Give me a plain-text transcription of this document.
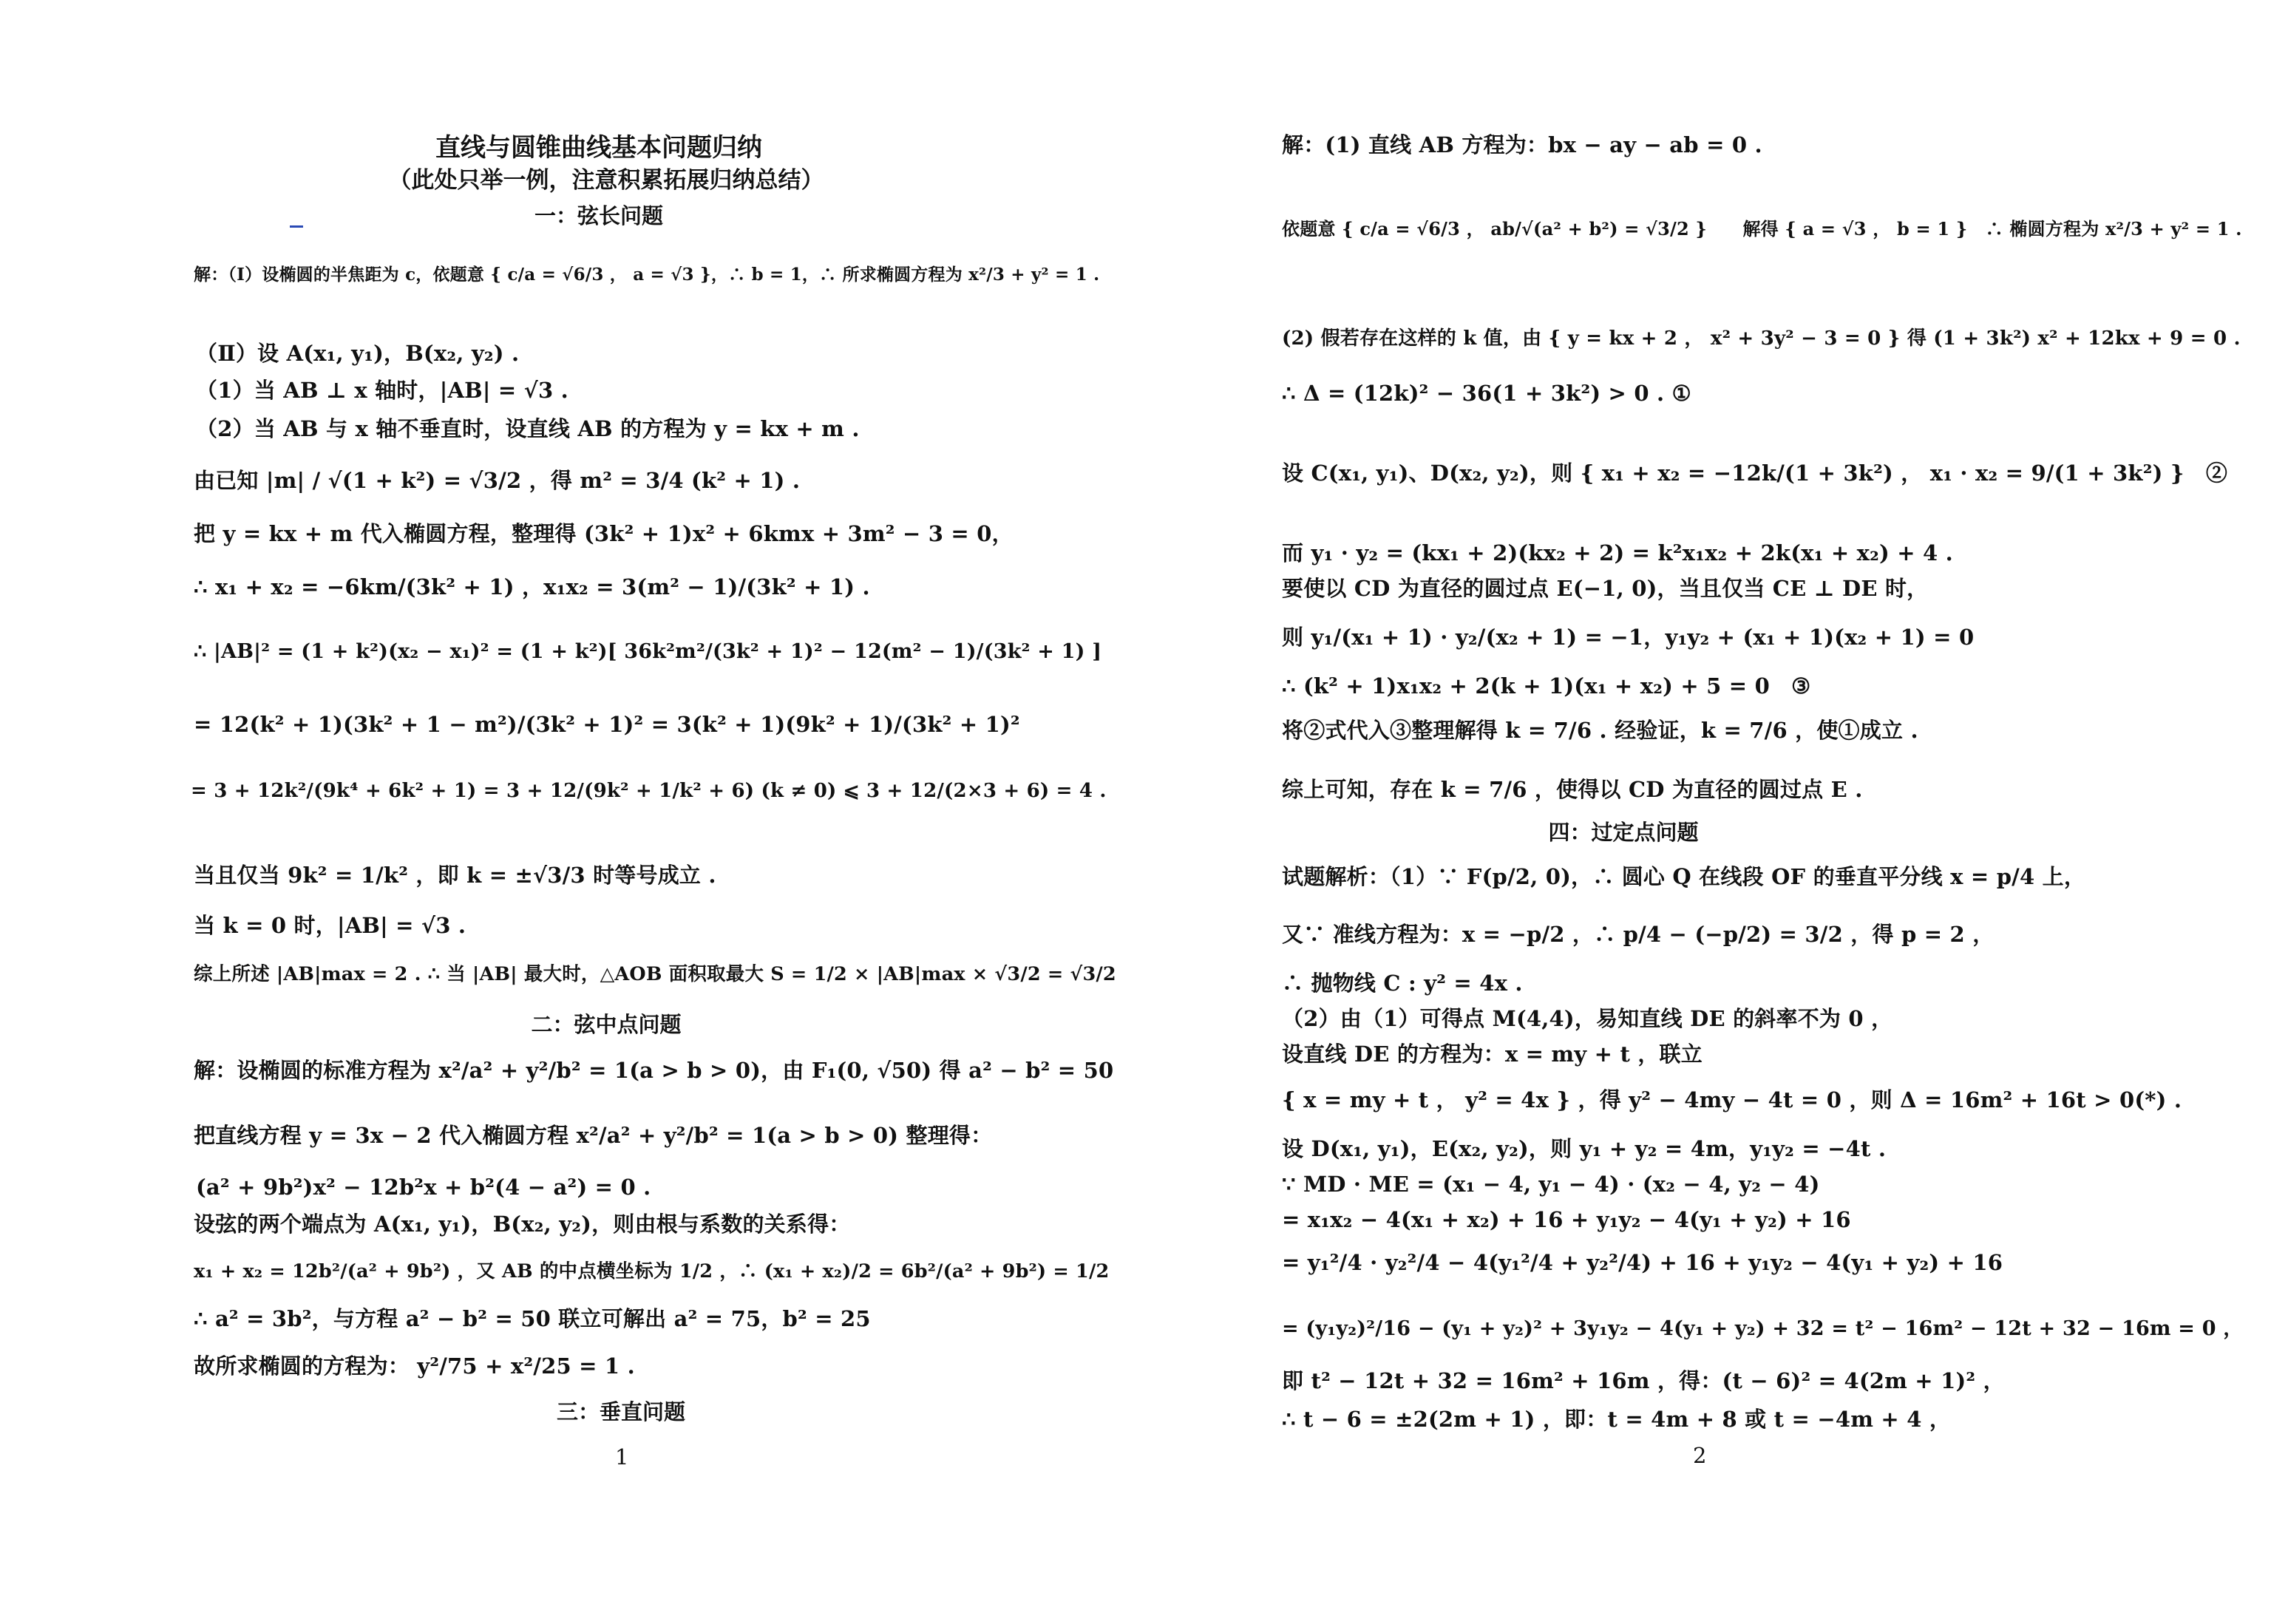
直线与圆锥曲线基本问题归纳
（此处只举一例，注意积累拓展归纳总结）
一：弦长问题
解：（Ⅰ）设椭圆的半焦距为 c，依题意 { c/a = √6/3 ， a = √3 }，∴ b = 1，∴ 所求椭圆方程为 x²/3 + y² = 1 .
（Ⅱ）设 A(x₁, y₁)，B(x₂, y₂) .
（1）当 AB ⊥ x 轴时，|AB| = √3 .
（2）当 AB 与 x 轴不垂直时，设直线 AB 的方程为 y = kx + m .
由已知 |m| / √(1 + k²) = √3/2 ，得 m² = 3/4 (k² + 1) .
把 y = kx + m 代入椭圆方程，整理得 (3k² + 1)x² + 6kmx + 3m² − 3 = 0，
∴ x₁ + x₂ = −6km/(3k² + 1) ，x₁x₂ = 3(m² − 1)/(3k² + 1) .
∴ |AB|² = (1 + k²)(x₂ − x₁)² = (1 + k²)[ 36k²m²/(3k² + 1)² − 12(m² − 1)/(3k² + 1) ]
= 12(k² + 1)(3k² + 1 − m²)/(3k² + 1)² = 3(k² + 1)(9k² + 1)/(3k² + 1)²
= 3 + 12k²/(9k⁴ + 6k² + 1) = 3 + 12/(9k² + 1/k² + 6) (k ≠ 0) ⩽ 3 + 12/(2×3 + 6) = 4 .
当且仅当 9k² = 1/k² ，即 k = ±√3/3 时等号成立 .
当 k = 0 时，|AB| = √3 .
综上所述 |AB|max = 2 . ∴ 当 |AB| 最大时，△AOB 面积取最大 S = 1/2 × |AB|max × √3/2 = √3/2
二：弦中点问题
解：设椭圆的标准方程为 x²/a² + y²/b² = 1(a > b > 0)，由 F₁(0, √50) 得 a² − b² = 50
把直线方程 y = 3x − 2 代入椭圆方程 x²/a² + y²/b² = 1(a > b > 0) 整理得：
(a² + 9b²)x² − 12b²x + b²(4 − a²) = 0 .
设弦的两个端点为 A(x₁, y₁)，B(x₂, y₂)，则由根与系数的关系得：
x₁ + x₂ = 12b²/(a² + 9b²) ，又 AB 的中点横坐标为 1/2 ，∴ (x₁ + x₂)/2 = 6b²/(a² + 9b²) = 1/2
∴ a² = 3b²，与方程 a² − b² = 50 联立可解出 a² = 75，b² = 25
故所求椭圆的方程为： y²/75 + x²/25 = 1 .
三：垂直问题
1
解：(1) 直线 AB 方程为：bx − ay − ab = 0 .
依题意 { c/a = √6/3 ， ab/√(a² + b²) = √3/2 }　　解得 { a = √3 ， b = 1 }　∴ 椭圆方程为 x²/3 + y² = 1 .
(2) 假若存在这样的 k 值，由 { y = kx + 2 ， x² + 3y² − 3 = 0 } 得 (1 + 3k²) x² + 12kx + 9 = 0 .
∴ Δ = (12k)² − 36(1 + 3k²) > 0 . ①
设 C(x₁, y₁)、D(x₂, y₂)，则 { x₁ + x₂ = −12k/(1 + 3k²) ， x₁ · x₂ = 9/(1 + 3k²) }　②
而 y₁ · y₂ = (kx₁ + 2)(kx₂ + 2) = k²x₁x₂ + 2k(x₁ + x₂) + 4 .
要使以 CD 为直径的圆过点 E(−1, 0)，当且仅当 CE ⊥ DE 时，
则 y₁/(x₁ + 1) · y₂/(x₂ + 1) = −1，y₁y₂ + (x₁ + 1)(x₂ + 1) = 0
∴ (k² + 1)x₁x₂ + 2(k + 1)(x₁ + x₂) + 5 = 0　③
将②式代入③整理解得 k = 7/6 . 经验证，k = 7/6 ，使①成立 .
综上可知，存在 k = 7/6 ，使得以 CD 为直径的圆过点 E .
四：过定点问题
试题解析：（1）∵ F(p/2, 0)，∴ 圆心 Q 在线段 OF 的垂直平分线 x = p/4 上，
又∵ 准线方程为：x = −p/2 ，∴ p/4 − (−p/2) = 3/2 ，得 p = 2 ，
∴ 抛物线 C : y² = 4x .
（2）由（1）可得点 M(4,4)，易知直线 DE 的斜率不为 0 ，
设直线 DE 的方程为：x = my + t ，联立
{ x = my + t ， y² = 4x } ，得 y² − 4my − 4t = 0 ，则 Δ = 16m² + 16t > 0(*) .
设 D(x₁, y₁)，E(x₂, y₂)，则 y₁ + y₂ = 4m，y₁y₂ = −4t .
∵ MD · ME = (x₁ − 4, y₁ − 4) · (x₂ − 4, y₂ − 4)
= x₁x₂ − 4(x₁ + x₂) + 16 + y₁y₂ − 4(y₁ + y₂) + 16
= y₁²/4 · y₂²/4 − 4(y₁²/4 + y₂²/4) + 16 + y₁y₂ − 4(y₁ + y₂) + 16
= (y₁y₂)²/16 − (y₁ + y₂)² + 3y₁y₂ − 4(y₁ + y₂) + 32 = t² − 16m² − 12t + 32 − 16m = 0 ，
即 t² − 12t + 32 = 16m² + 16m ，得：(t − 6)² = 4(2m + 1)² ，
∴ t − 6 = ±2(2m + 1) ，即：t = 4m + 8 或 t = −4m + 4 ，
2
